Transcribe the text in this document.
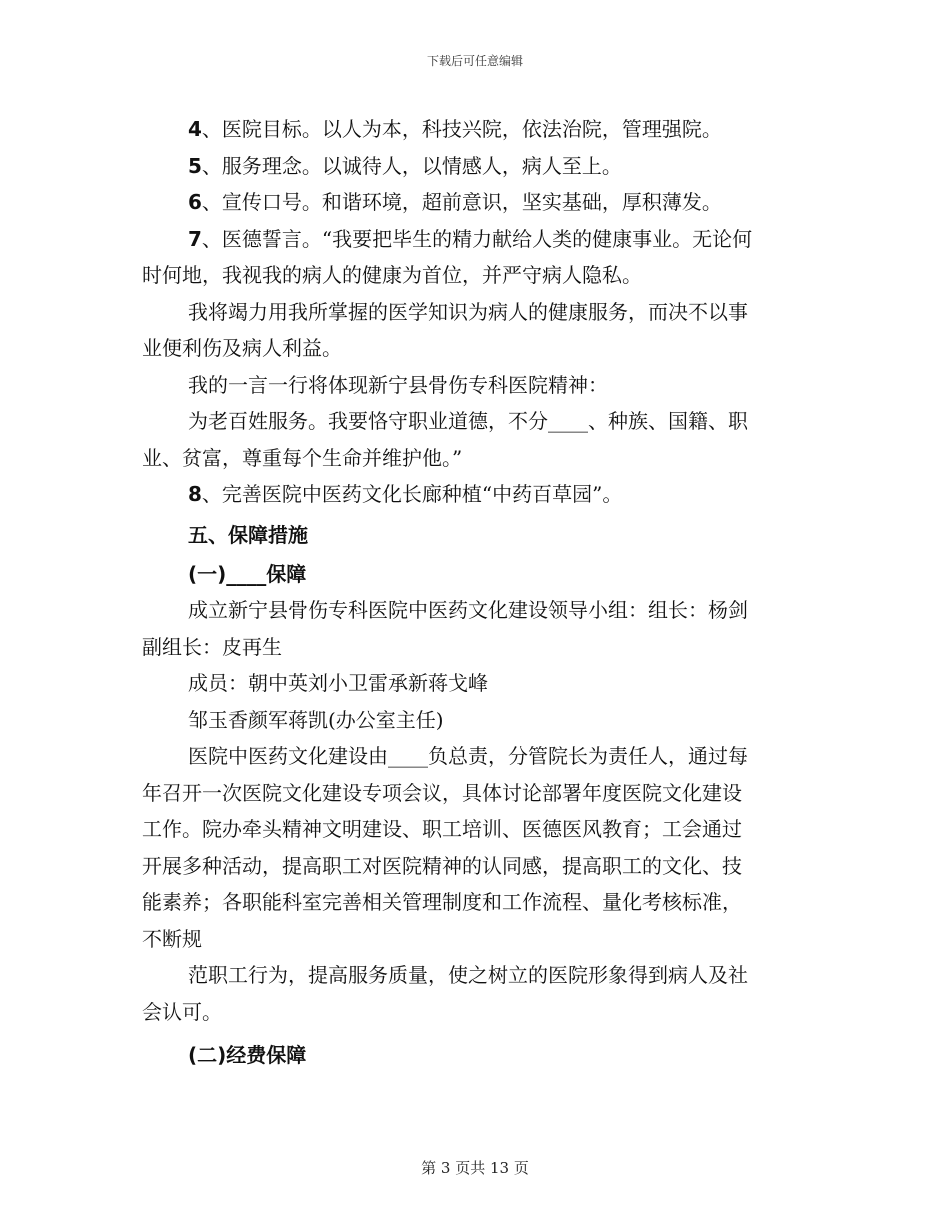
下载后可任意编辑
4、医院目标。以人为本，科技兴院，依法治院，管理强院。
5、服务理念。以诚待人，以情感人，病人至上。
6、宣传口号。和谐环境，超前意识，坚实基础，厚积薄发。
7、医德誓言。“我要把毕生的精力献给人类的健康事业。无论何
时何地，我视我的病人的健康为首位，并严守病人隐私。
我将竭力用我所掌握的医学知识为病人的健康服务，而决不以事
业便利伤及病人利益。
我的一言一行将体现新宁县骨伤专科医院精神：
为老百姓服务。我要恪守职业道德，不分____、种族、国籍、职
业、贫富，尊重每个生命并维护他。”
8、完善医院中医药文化长廊种植“中药百草园”。
五、保障措施
(一)____保障
成立新宁县骨伤专科医院中医药文化建设领导小组：组长：杨剑
副组长：皮再生
成员：朝中英刘小卫雷承新蒋戈峰
邹玉香颜军蒋凯(办公室主任)
医院中医药文化建设由____负总责，分管院长为责任人，通过每
年召开一次医院文化建设专项会议，具体讨论部署年度医院文化建设
工作。院办牵头精神文明建设、职工培训、医德医风教育；工会通过
开展多种活动，提高职工对医院精神的认同感，提高职工的文化、技
能素养；各职能科室完善相关管理制度和工作流程、量化考核标准，
不断规
范职工行为，提高服务质量，使之树立的医院形象得到病人及社
会认可。
(二)经费保障
第 3 页共 13 页
